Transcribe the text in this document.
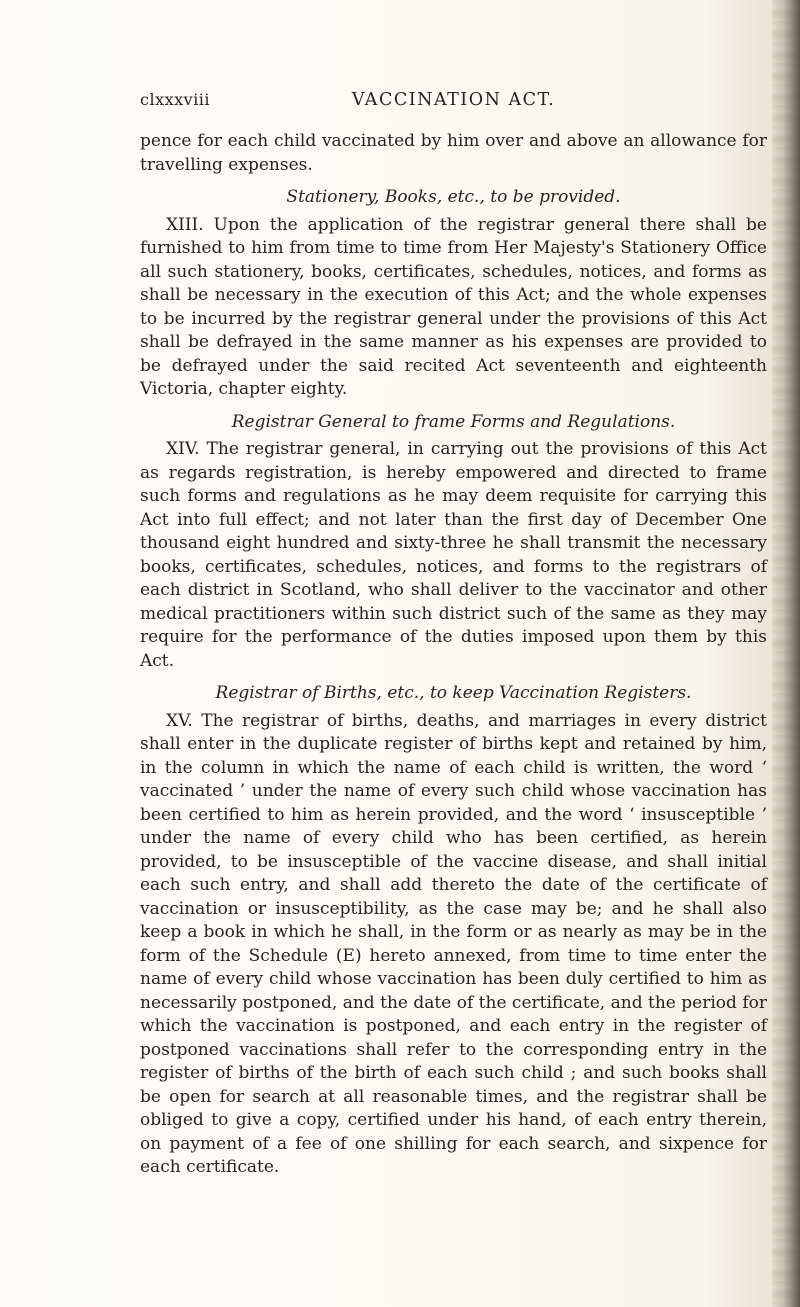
clxxxviii	VACCINATION ACT.

pence for each child vaccinated by him over and above an allowance for travelling expenses.

Stationery, Books, etc., to be provided.

XIII. Upon the application of the registrar general there shall be furnished to him from time to time from Her Majesty's Stationery Office all such stationery, books, certificates, schedules, notices, and forms as shall be necessary in the execution of this Act; and the whole expenses to be incurred by the registrar general under the provisions of this Act shall be defrayed in the same manner as his expenses are provided to be defrayed under the said recited Act seventeenth and eighteenth Victoria, chapter eighty.

Registrar General to frame Forms and Regulations.

XIV. The registrar general, in carrying out the provisions of this Act as regards registration, is hereby empowered and directed to frame such forms and regulations as he may deem requisite for carrying this Act into full effect; and not later than the first day of December One thousand eight hundred and sixty-three he shall transmit the necessary books, certificates, schedules, notices, and forms to the registrars of each district in Scotland, who shall deliver to the vaccinator and other medical practitioners within such district such of the same as they may require for the performance of the duties imposed upon them by this Act.

Registrar of Births, etc., to keep Vaccination Registers.

XV. The registrar of births, deaths, and marriages in every district shall enter in the duplicate register of births kept and retained by him, in the column in which the name of each child is written, the word ‘ vaccinated ’ under the name of every such child whose vaccination has been certified to him as herein provided, and the word ‘ insusceptible ’ under the name of every child who has been certified, as herein provided, to be insusceptible of the vaccine disease, and shall initial each such entry, and shall add thereto the date of the certificate of vaccination or insusceptibility, as the case may be; and he shall also keep a book in which he shall, in the form or as nearly as may be in the form of the Schedule (E) hereto annexed, from time to time enter the name of every child whose vaccination has been duly certified to him as necessarily postponed, and the date of the certificate, and the period for which the vaccination is postponed, and each entry in the register of postponed vaccinations shall refer to the corresponding entry in the register of births of the birth of each such child ; and such books shall be open for search at all reasonable times, and the registrar shall be obliged to give a copy, certified under his hand, of each entry therein, on payment of a fee of one shilling for each search, and sixpence for each certificate.
